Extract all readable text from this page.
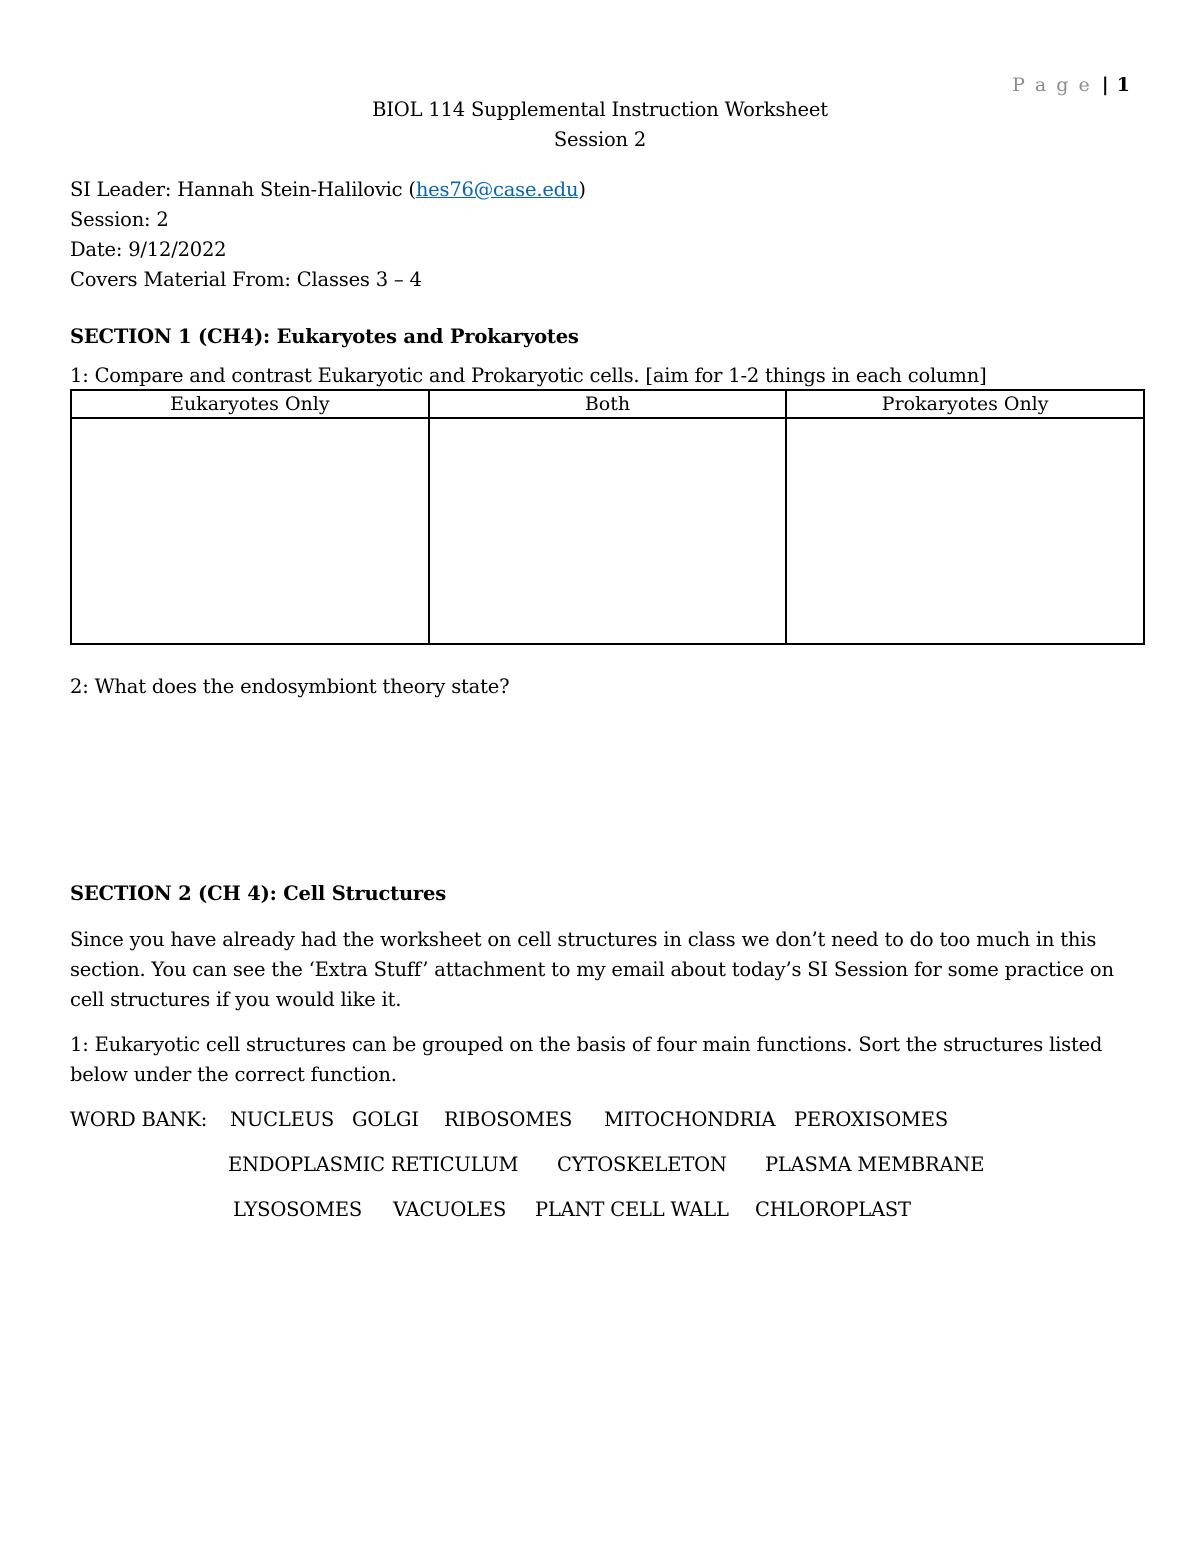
P a g e | 1
BIOL 114 Supplemental Instruction Worksheet
Session 2
SI Leader: Hannah Stein-Halilovic (hes76@case.edu)
Session: 2
Date: 9/12/2022
Covers Material From: Classes 3 – 4
SECTION 1 (CH4): Eukaryotes and Prokaryotes
1: Compare and contrast Eukaryotic and Prokaryotic cells. [aim for 1-2 things in each column]
Eukaryotes Only	Both	Prokaryotes Only

2: What does the endosymbiont theory state?
SECTION 2 (CH 4): Cell Structures
Since you have already had the worksheet on cell structures in class we don’t need to do too much in this section. You can see the ‘Extra Stuff’ attachment to my email about today’s SI Session for some practice on cell structures if you would like it.
1: Eukaryotic cell structures can be grouped on the basis of four main functions. Sort the structures listed below under the correct function.
WORD BANK: NUCLEUS GOLGI RIBOSOMES MITOCHONDRIA PEROXISOMES
ENDOPLASMIC RETICULUM CYTOSKELETON PLASMA MEMBRANE
LYSOSOMES VACUOLES PLANT CELL WALL CHLOROPLAST
